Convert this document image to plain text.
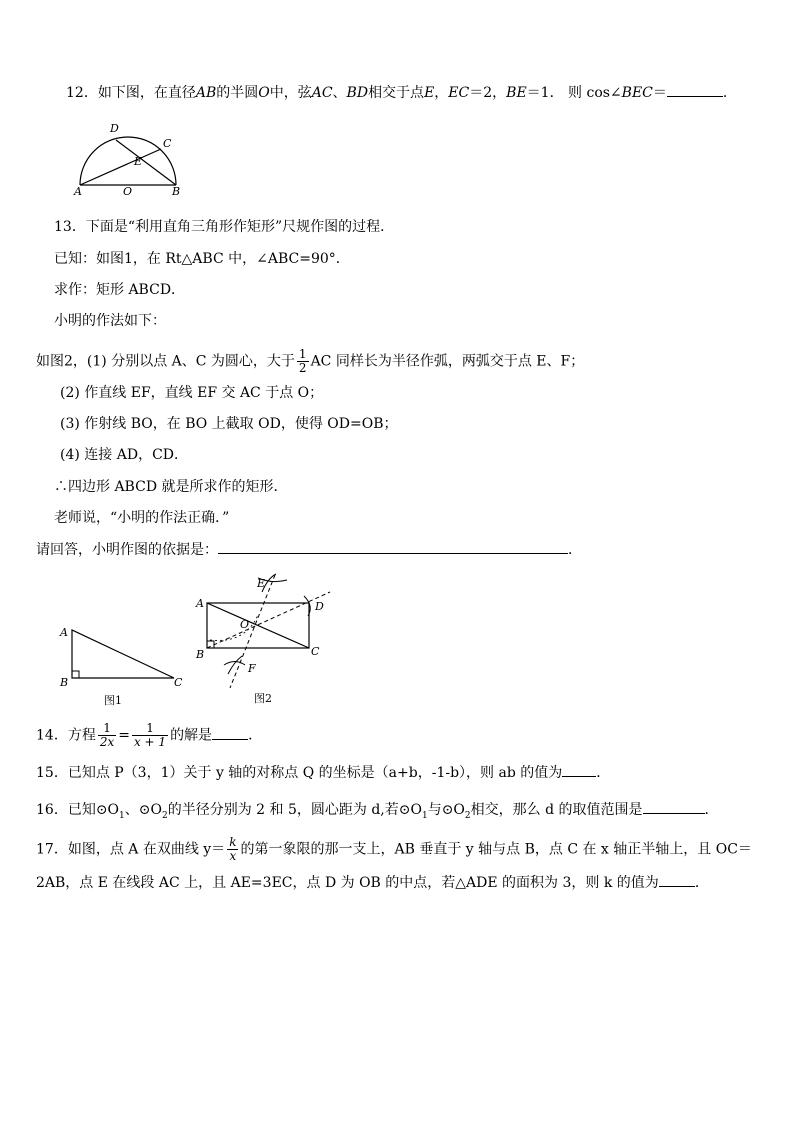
12．如下图，在直径AB的半圆O中，弦AC、BD相交于点E，EC＝2，BE＝1． 则 cos∠BEC＝	．
A	O	B
C
D
E
13．下面是“利用直角三角形作矩形”尺规作图的过程．
已知：如图1，在 Rt△ABC 中，∠ABC=90°．
求作：矩形 ABCD．
小明的作法如下：
如图2，(1) 分别以点 A、C 为圆心，大于 $\frac{1}{2}$ AC 同样长为半径作弧，两弧交于点 E、F；
(2) 作直线 EF，直线 EF 交 AC 于点 O；
(3) 作射线 BO，在 BO 上截取 OD，使得 OD=OB；
(4) 连接 AD，CD．
∴四边形 ABCD 就是所求作的矩形．
老师说，“小明的作法正确．”
请回答，小明作图的依据是：	．
A
B	C
图1
A
B	C
D
E
F
O
图2
14．方程 $\frac{1}{2x} = \frac{1}{x + 1}$ 的解是	．
15．已知点 P（3，1）关于 y 轴的对称点 Q 的坐标是（a+b，-1-b），则 ab 的值为 ．
16．已知$⊙O_1$、$⊙O_2$的半径分别为 2 和 5，圆心距为 d,若$⊙O_1$与$⊙O_2$相交，那么 d 的取值范围是	．
17．如图，点 A 在双曲线 $y= \frac{k}{x}$ 的第一象限的那一支上，AB 垂直于 y 轴与点 B，点 C 在 x 轴正半轴上，且 OC＝
2AB，点 E 在线段 AC 上，且 AE=3EC，点 D 为 OB 的中点，若△ADE 的面积为 3，则 k 的值为	．
